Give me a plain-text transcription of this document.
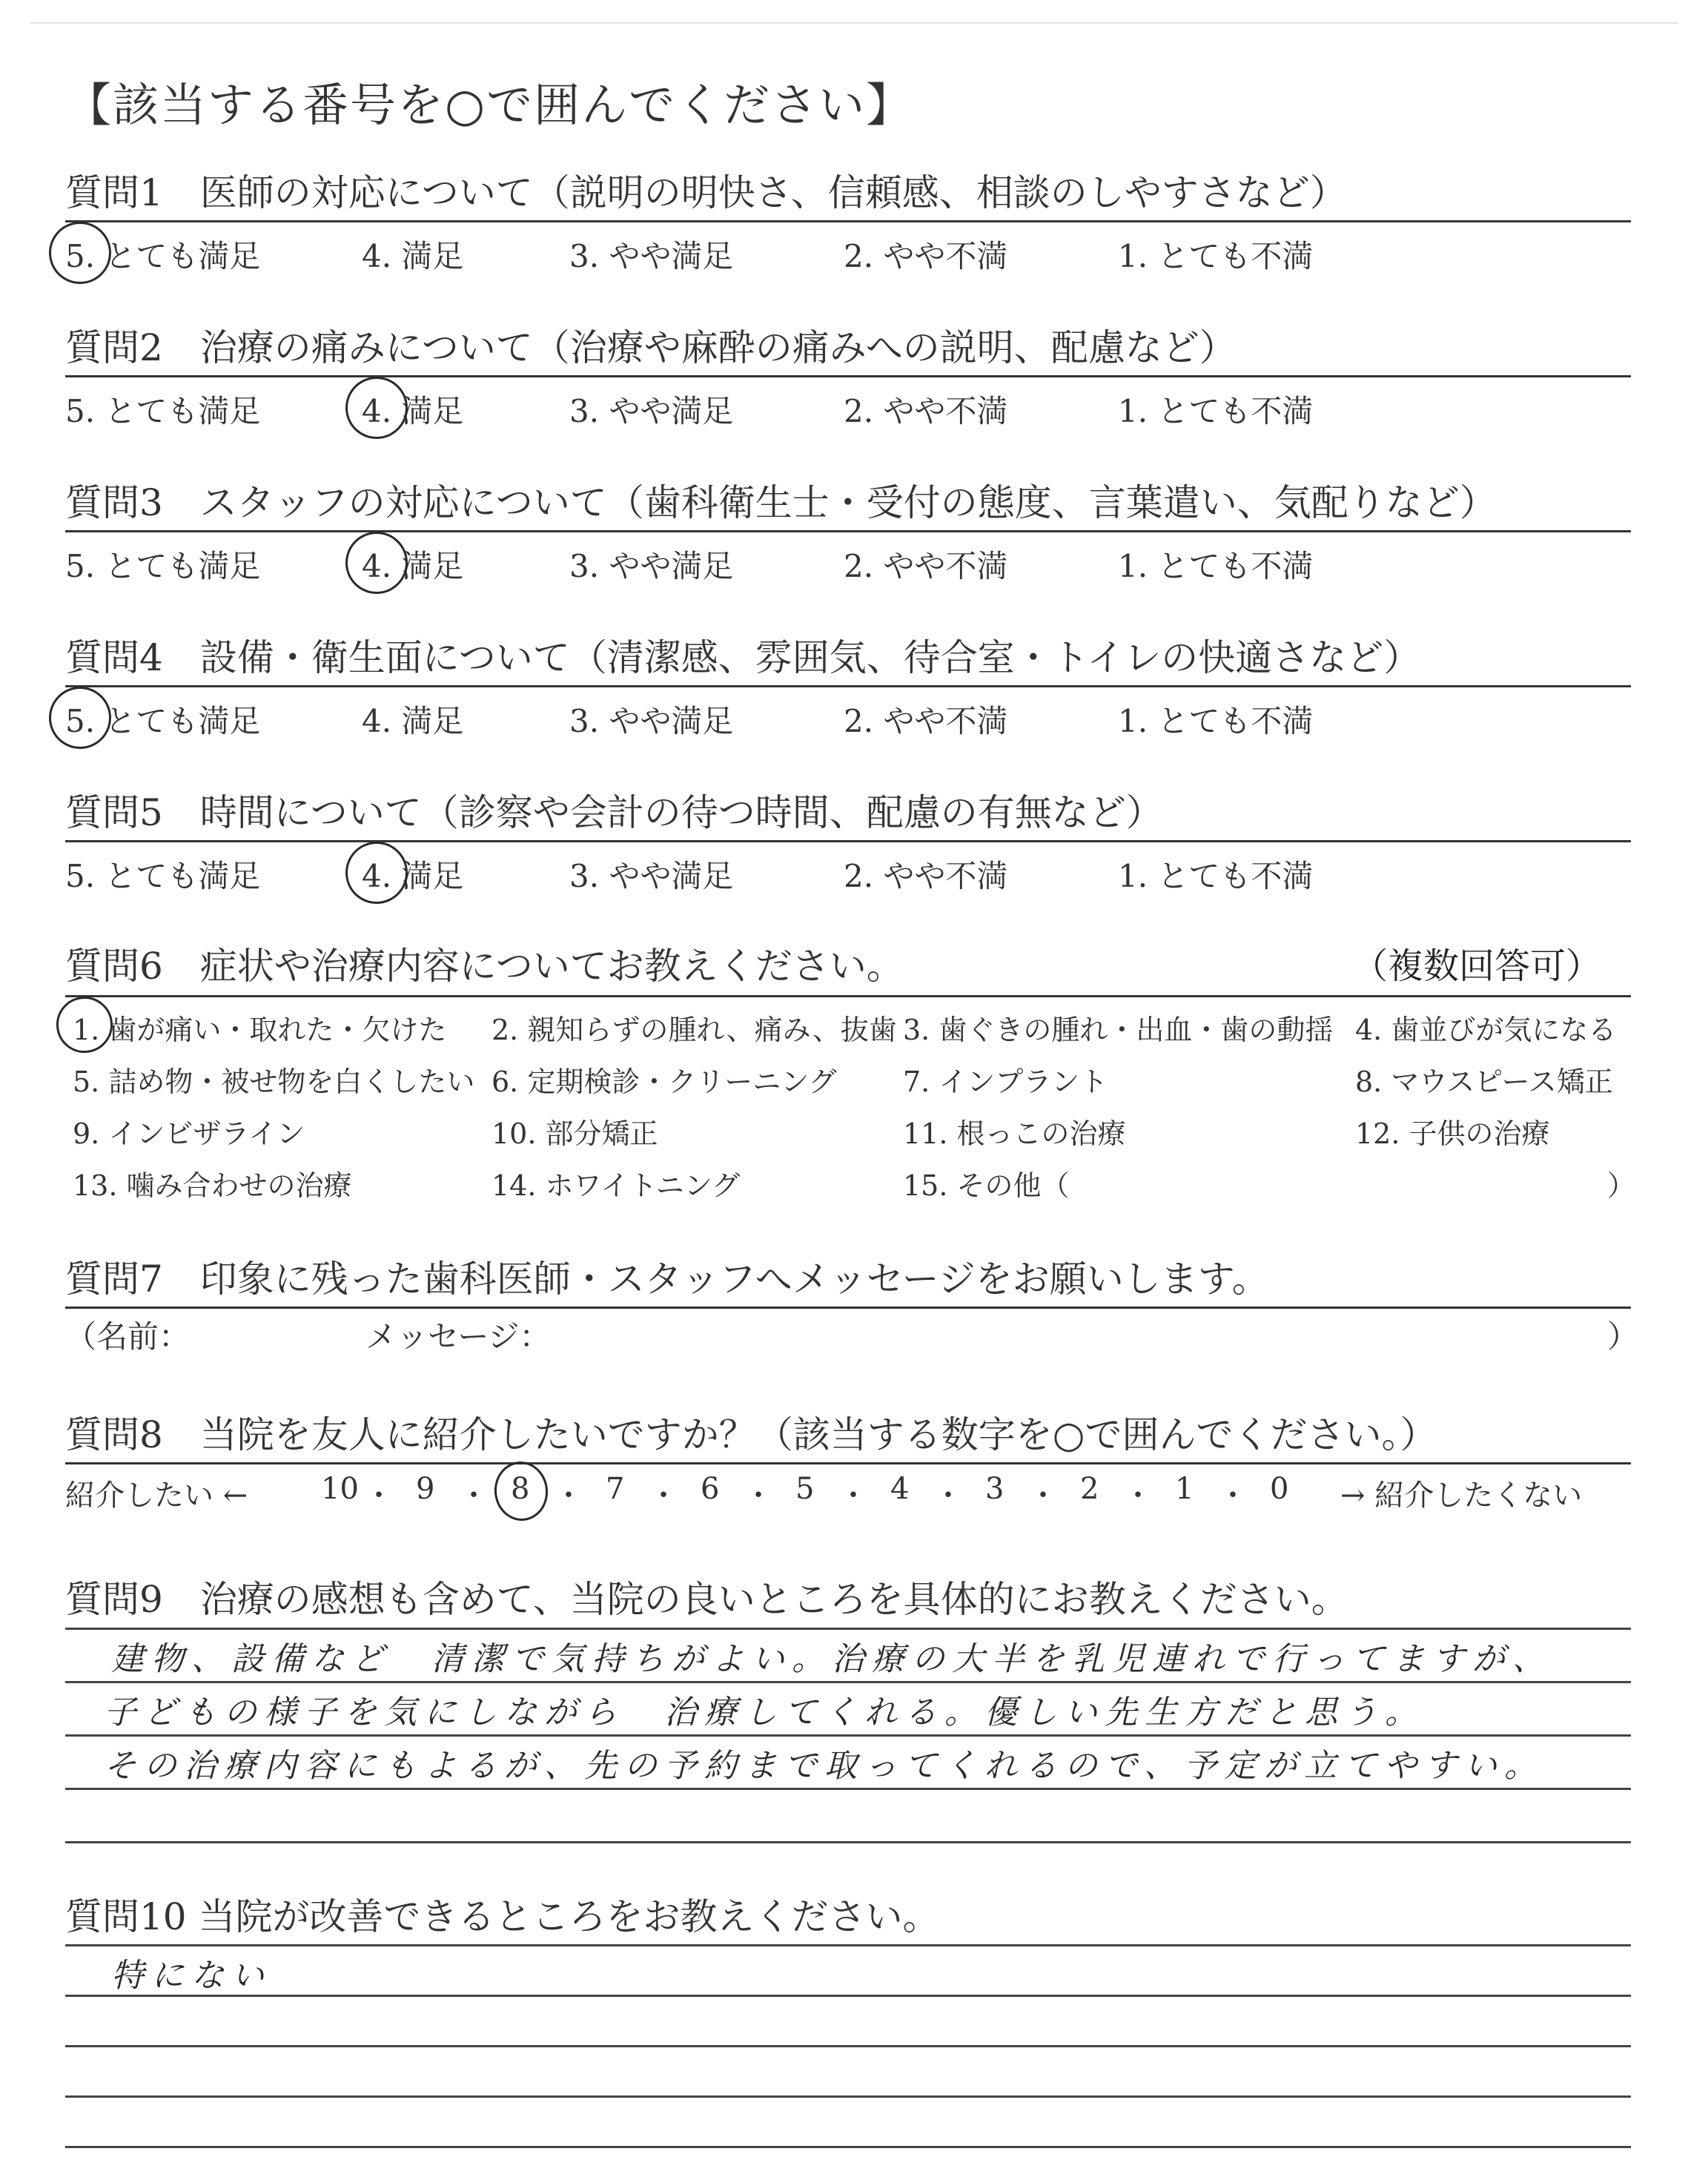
【該当する番号を○で囲んでください】
質問1　医師の対応について（説明の明快さ、信頼感、相談のしやすさなど）
5. とても満足	4. 満足	3. やや満足	2. やや不満	1. とても不満
質問2　治療の痛みについて（治療や麻酔の痛みへの説明、配慮など）
5. とても満足	4. 満足	3. やや満足	2. やや不満	1. とても不満
質問3　スタッフの対応について（歯科衛生士・受付の態度、言葉遣い、気配りなど）
5. とても満足	4. 満足	3. やや満足	2. やや不満	1. とても不満
質問4　設備・衛生面について（清潔感、雰囲気、待合室・トイレの快適さなど）
5. とても満足	4. 満足	3. やや満足	2. やや不満	1. とても不満
質問5　時間について（診察や会計の待つ時間、配慮の有無など）
5. とても満足	4. 満足	3. やや満足	2. やや不満	1. とても不満
質問6　症状や治療内容についてお教えください。	（複数回答可）
1. 歯が痛い・取れた・欠けた 2. 親知らずの腫れ、痛み、抜歯 3. 歯ぐきの腫れ・出血・歯の動揺 4. 歯並びが気になる
5. 詰め物・被せ物を白くしたい 6. 定期検診・クリーニング 7. インプラント	8. マウスピース矯正
9. インビザライン	10. 部分矯正	11. 根っこの治療	12. 子供の治療
13. 噛み合わせの治療	14. ホワイトニング	15. その他（	）
質問7　印象に残った歯科医師・スタッフへメッセージをお願いします。
（名前：	メッセージ：	）
質問8　当院を友人に紹介したいですか？（該当する数字を○で囲んでください。）
紹介したい ←	→ 紹介したくない
10 ・ 9 ・ 8 ・ 7 ・ 6 ・ 5 ・ 4 ・ 3 ・ 2 ・ 1 ・ 0
質問9　治療の感想も含めて、当院の良いところを具体的にお教えください。
建物、設備など　清潔で気持ちがよい。治療の大半を乳児連れで行ってますが、
子どもの様子を気にしながら　治療してくれる。優しい先生方だと思う。
その治療内容にもよるが、先の予約まで取ってくれるので、予定が立てやすい。
質問10 当院が改善できるところをお教えください。
特にない
